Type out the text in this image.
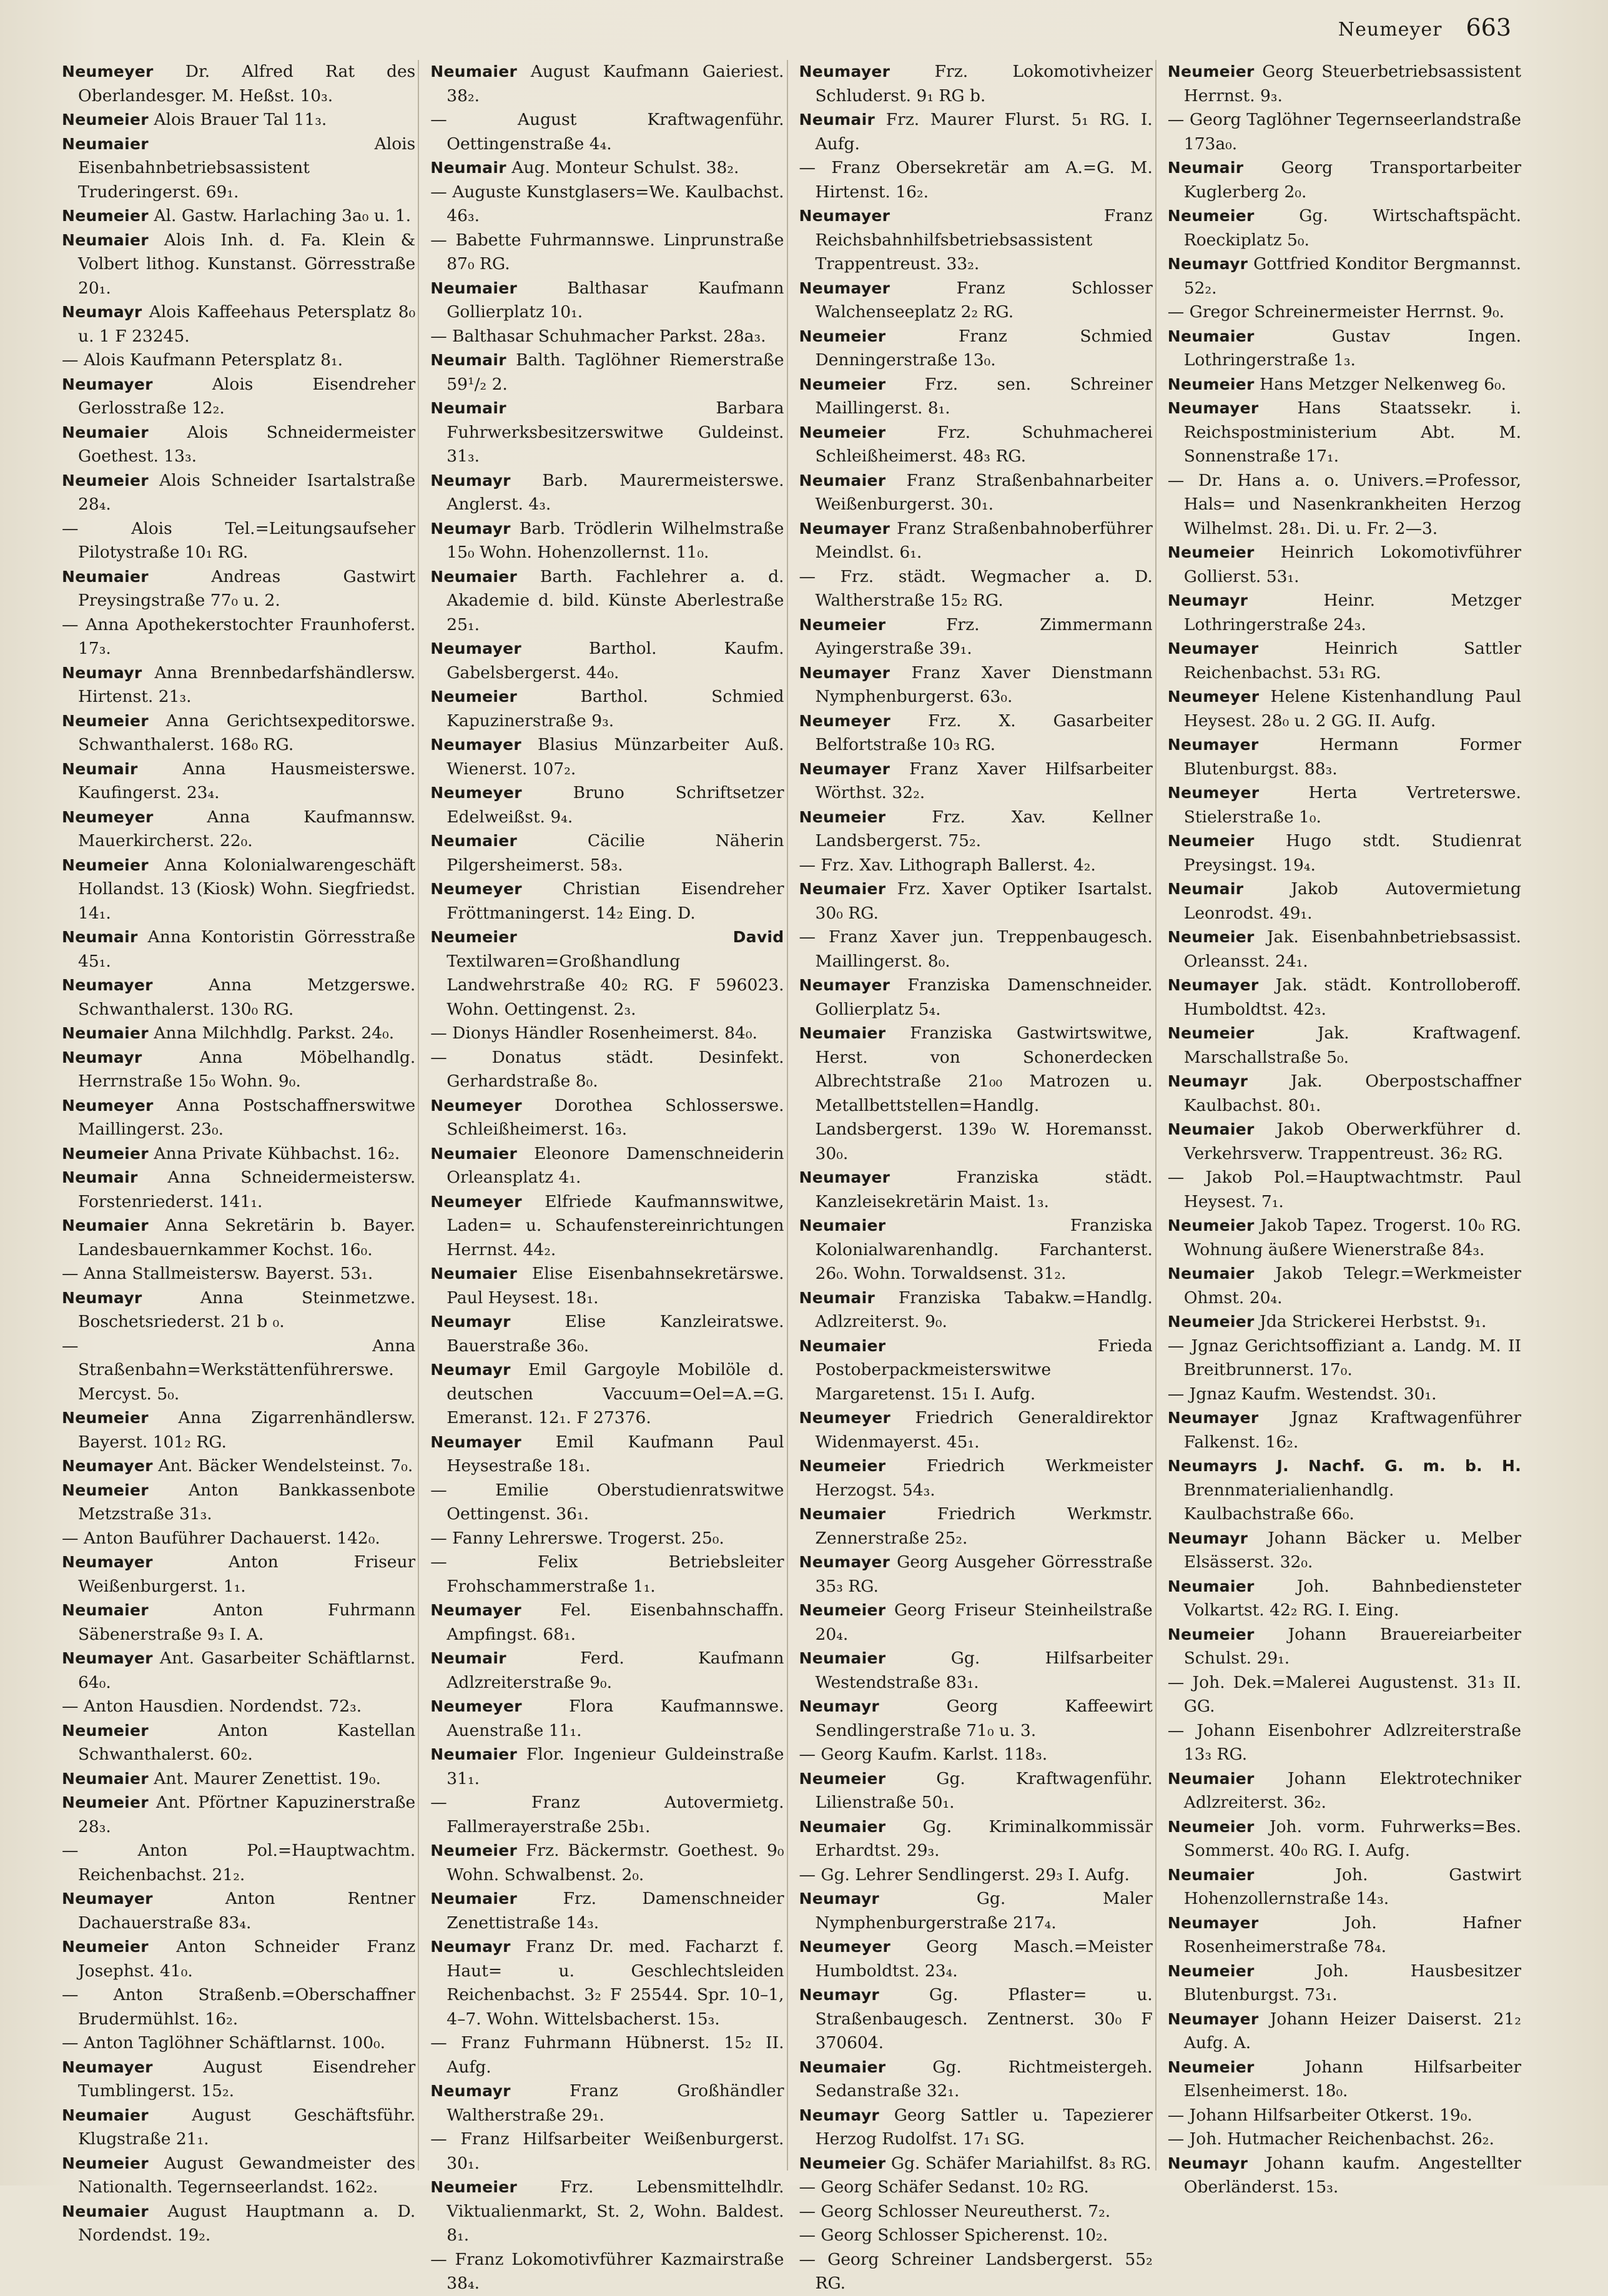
Neumeyer 663

Neumeyer Dr. Alfred Rat des Oberlandesger. M. Heßst. 10₃.

Neumeier Alois Brauer Tal 11₃.

Neumaier	Alois Eisenbahnbetriebsassistent Truderingerst. 69₁.

Neumeier Al. Gastw. Harlaching 3a₀ u. 1.

Neumaier Alois Inh. d. Fa. Klein & Volbert lithog. Kunstanst. Görresstraße 20₁.

Neumayr Alois Kaffeehaus Petersplatz 8₀ u. 1 F 23245.

— Alois Kaufmann Petersplatz 8₁.

Neumayer	Alois Eisendreher Gerlosstraße 12₂.

Neumaier Alois Schneidermeister Goethest. 13₃.

Neumeier Alois Schneider Isartalstraße 28₄.

— Alois Tel.=Leitungsaufseher Pilotystraße 10₁ RG.

Neumaier	Andreas Gastwirt Preysingstraße 77₀ u. 2.

— Anna Apothekerstochter Fraunhoferst. 17₃.

Neumayr Anna Brennbedarfshändlersw. Hirtenst. 21₃.

Neumeier Anna Gerichtsexpeditorswe. Schwanthalerst. 168₀ RG.

Neumair	Anna Hausmeisterswe. Kaufingerst. 23₄.

Neumeyer	Anna Kaufmannsw. Mauerkircherst. 22₀.

Neumeier Anna Kolonialwarengeschäft Hollandst. 13 (Kiosk) Wohn. Siegfriedst. 14₁.

Neumair Anna Kontoristin Görresstraße 45₁.

Neumayer	Anna Metzgerswe. Schwanthalerst. 130₀ RG.

Neumaier Anna Milchhdlg. Parkst. 24₀.

Neumayr	Anna Möbelhandlg. Herrnstraße 15₀ Wohn. 9₀.

Neumeyer Anna Postschaffnerswitwe Maillingerst. 23₀.

Neumeier Anna Private Kühbachst. 16₂.

Neumair Anna Schneidermeistersw. Forstenriederst. 141₁.

Neumaier Anna Sekretärin b. Bayer. Landesbauernkammer Kochst. 16₀.

— Anna Stallmeistersw. Bayerst. 53₁.

Neumayr	Anna Steinmetzwe. Boschetsriederst. 21 b ₀.

— Anna Straßenbahn=Werkstättenführerswe. Mercyst. 5₀.

Neumeier Anna Zigarrenhändlersw. Bayerst. 101₂ RG.

Neumayer Ant. Bäcker Wendelsteinst. 7₀.

Neumeier Anton Bankkassenbote Metzstraße 31₃.

— Anton Bauführer Dachauerst. 142₀.

Neumayer	Anton Friseur Weißenburgerst. 1₁.

Neumaier	Anton Fuhrmann Säbenerstraße 9₃ I. A.

Neumayer Ant. Gasarbeiter Schäftlarnst. 64₀.

— Anton Hausdien. Nordendst. 72₃.

Neumeier	Anton Kastellan Schwanthalerst. 60₂.

Neumaier Ant. Maurer Zenettist. 19₀.

Neumeier Ant. Pförtner Kapuzinerstraße 28₃.

— Anton Pol.=Hauptwachtm. Reichenbachst. 21₂.

Neumayer	Anton Rentner Dachauerstraße 83₄.

Neumeier Anton Schneider Franz Josephst. 41₀.

— Anton Straßenb.=Oberschaffner Brudermühlst. 16₂.

— Anton Taglöhner Schäftlarnst. 100₀.

Neumayer	August Eisendreher Tumblingerst. 15₂.

Neumaier	August Geschäftsführ. Klugstraße 21₁.

Neumeier August Gewandmeister des Nationalth. Tegernseerlandst. 162₂.

Neumaier August Hauptmann a. D. Nordendst. 19₂.

Neumaier August Kaufmann Gaieriest. 38₂.

— August Kraftwagenführ. Oettingenstraße 4₄.

Neumair Aug. Monteur Schulst. 38₂.

— Auguste Kunstglasers=We. Kaulbachst. 46₃.

— Babette Fuhrmannswe. Linprunstraße 87₀ RG.

Neumaier	Balthasar Kaufmann Gollierplatz 10₁.

— Balthasar Schuhmacher Parkst. 28a₃.

Neumair Balth. Taglöhner Riemerstraße 59¹/₂ 2.

Neumair	Barbara Fuhrwerksbesitzerswitwe Guldeinst. 31₃.

Neumayr Barb. Maurermeisterswe. Anglerst. 4₃.

Neumayr Barb. Trödlerin Wilhelmstraße 15₀ Wohn. Hohenzollernst. 11₀.

Neumaier Barth. Fachlehrer a. d. Akademie d. bild. Künste Aberlestraße 25₁.

Neumayer	Barthol. Kaufm. Gabelsbergerst. 44₀.

Neumeier	Barthol. Schmied Kapuzinerstraße 9₃.

Neumayer Blasius Münzarbeiter Auß. Wienerst. 107₂.

Neumeyer	Bruno Schriftsetzer Edelweißst. 9₄.

Neumaier	Cäcilie Näherin Pilgersheimerst. 58₃.

Neumeyer Christian Eisendreher Fröttmaningerst. 14₂ Eing. D.

Neumeier David Textilwaren=Großhandlung Landwehrstraße 40₂ RG. F 596023. Wohn. Oettingenst. 2₃.

— Dionys Händler Rosenheimerst. 84₀.

— Donatus städt. Desinfekt. Gerhardstraße 8₀.

Neumeyer Dorothea Schlosserswe. Schleißheimerst. 16₃.

Neumaier Eleonore Damenschneiderin Orleansplatz 4₁.

Neumeyer Elfriede Kaufmannswitwe, Laden= u. Schaufenstereinrichtungen Herrnst. 44₂.

Neumaier Elise Eisenbahnsekretärswe. Paul Heysest. 18₁.

Neumayr	Elise Kanzleiratswe. Bauerstraße 36₀.

Neumayr Emil Gargoyle Mobilöle d. deutschen Vaccuum=Oel=A.=G. Emeranst. 12₁. F 27376.

Neumayer Emil Kaufmann Paul Heysestraße 18₁.

— Emilie Oberstudienratswitwe Oettingenst. 36₁.

— Fanny Lehrerswe. Trogerst. 25₀.

— Felix Betriebsleiter Frohschammerstraße 1₁.

Neumayer Fel. Eisenbahnschaffn. Ampfingst. 68₁.

Neumair	Ferd. Kaufmann Adlzreiterstraße 9₀.

Neumeyer	Flora Kaufmannswe. Auenstraße 11₁.

Neumaier Flor. Ingenieur Guldeinstraße 31₁.

— Franz Autovermietg. Fallmerayerstraße 25b₁.

Neumeier Frz. Bäckermstr. Goethest. 9₀ Wohn. Schwalbenst. 2₀.

Neumaier	Frz. Damenschneider Zenettistraße 14₃.

Neumayr Franz Dr. med. Facharzt f. Haut= u. Geschlechtsleiden Reichenbachst. 3₂ F 25544. Spr. 10–1, 4–7. Wohn. Wittelsbacherst. 15₃.

— Franz Fuhrmann Hübnerst. 15₂ II. Aufg.

Neumayr	Franz Großhändler Waltherstraße 29₁.

— Franz Hilfsarbeiter Weißenburgerst. 30₁.

Neumeier	Frz. Lebensmittelhdlr. Viktualienmarkt, St. 2, Wohn. Baldest. 8₁.

— Franz Lokomotivführer Kazmairstraße 38₄.

Neumayer	Frz. Lokomotivheizer Schluderst. 9₁ RG b.

Neumair Frz. Maurer Flurst. 5₁ RG. I. Aufg.

— Franz Obersekretär am A.=G. M. Hirtenst. 16₂.

Neumayer	Franz Reichsbahnhilfsbetriebsassistent Trappentreust. 33₂.

Neumayer	Franz Schlosser Walchenseeplatz 2₂ RG.

Neumeier	Franz Schmied Denningerstraße 13₀.

Neumeier Frz. sen. Schreiner Maillingerst. 8₁.

Neumeier	Frz. Schuhmacherei Schleißheimerst. 48₃ RG.

Neumaier Franz Straßenbahnarbeiter Weißenburgerst. 30₁.

Neumayer Franz Straßenbahnoberführer Meindlst. 6₁.

— Frz. städt. Wegmacher a. D. Waltherstraße 15₂ RG.

Neumeier	Frz. Zimmermann Ayingerstraße 39₁.

Neumayer Franz Xaver Dienstmann Nymphenburgerst. 63₀.

Neumeyer Frz. X. Gasarbeiter Belfortstraße 10₃ RG.

Neumayer Franz Xaver Hilfsarbeiter Wörthst. 32₂.

Neumeier	Frz. Xav. Kellner Landsbergerst. 75₂.

— Frz. Xav. Lithograph Ballerst. 4₂.

Neumaier Frz. Xaver Optiker Isartalst. 30₀ RG.

— Franz Xaver jun. Treppenbaugesch. Maillingerst. 8₀.

Neumayer Franziska Damenschneider. Gollierplatz 5₄.

Neumaier Franziska Gastwirtswitwe, Herst. von Schonerdecken Albrechtstraße 21₀₀ Matrozen u. Metallbettstellen=Handlg. Landsbergerst. 139₀ W. Horemansst. 30₀.

Neumayer	Franziska städt. Kanzleisekretärin Maist. 1₃.

Neumaier	Franziska Kolonialwarenhandlg. Farchanterst. 26₀. Wohn. Torwaldsenst. 31₂.

Neumair Franziska Tabakw.=Handlg. Adlzreiterst. 9₀.

Neumaier	Frieda Postoberpackmeisterswitwe Margaretenst. 15₁ I. Aufg.

Neumeyer Friedrich Generaldirektor Widenmayerst. 45₁.

Neumeier Friedrich Werkmeister Herzogst. 54₃.

Neumaier	Friedrich Werkmstr. Zennerstraße 25₂.

Neumayer Georg Ausgeher Görresstraße 35₃ RG.

Neumeier Georg Friseur Steinheilstraße 20₄.

Neumaier	Gg. Hilfsarbeiter Westendstraße 83₁.

Neumayr	Georg Kaffeewirt Sendlingerstraße 71₀ u. 3.

— Georg Kaufm. Karlst. 118₃.

Neumeier	Gg. Kraftwagenführ. Lilienstraße 50₁.

Neumaier Gg. Kriminalkommissär Erhardtst. 29₃.

— Gg. Lehrer Sendlingerst. 29₃ I. Aufg.

Neumayr	Gg. Maler Nymphenburgerstraße 217₄.

Neumeyer Georg Masch.=Meister Humboldtst. 23₄.

Neumayr	Gg. Pflaster= u. Straßenbaugesch. Zentnerst. 30₀ F 370604.

Neumaier	Gg. Richtmeistergeh. Sedanstraße 32₁.

Neumayr Georg Sattler u. Tapezierer Herzog Rudolfst. 17₁ SG.

Neumeier Gg. Schäfer Mariahilfst. 8₃ RG.

— Georg Schäfer Sedanst. 10₂ RG.

— Georg Schlosser Neureutherst. 7₂.

— Georg Schlosser Spicherenst. 10₂.

— Georg Schreiner Landsbergerst. 55₂ RG.

Neumeier Georg Steuerbetriebsassistent Herrnst. 9₃.

— Georg Taglöhner Tegernseerlandstraße 173a₀.

Neumair Georg Transportarbeiter Kuglerberg 2₀.

Neumeier	Gg. Wirtschaftspächt. Roeckiplatz 5₀.

Neumayr Gottfried Konditor Bergmannst. 52₂.

— Gregor Schreinermeister Herrnst. 9₀.

Neumaier	Gustav Ingen. Lothringerstraße 1₃.

Neumeier Hans Metzger Nelkenweg 6₀.

Neumayer Hans Staatssekr. i. Reichspostministerium Abt. M. Sonnenstraße 17₁.

— Dr. Hans a. o. Univers.=Professor, Hals= und Nasenkrankheiten Herzog Wilhelmst. 28₁. Di. u. Fr. 2—3.

Neumeier Heinrich Lokomotivführer Gollierst. 53₁.

Neumayr	Heinr. Metzger Lothringerstraße 24₃.

Neumayer	Heinrich Sattler Reichenbachst. 53₁ RG.

Neumeyer Helene Kistenhandlung Paul Heysest. 28₀ u. 2 GG. II. Aufg.

Neumayer	Hermann Former Blutenburgst. 88₃.

Neumeyer	Herta Vertreterswe. Stielerstraße 1₀.

Neumeier Hugo stdt. Studienrat Preysingst. 19₄.

Neumair	Jakob Autovermietung Leonrodst. 49₁.

Neumeier Jak. Eisenbahnbetriebsassist. Orleansst. 24₁.

Neumayer Jak. städt. Kontrolloberoff. Humboldtst. 42₃.

Neumeier	Jak. Kraftwagenf. Marschallstraße 5₀.

Neumayr	Jak. Oberpostschaffner Kaulbachst. 80₁.

Neumaier Jakob Oberwerkführer d. Verkehrsverw. Trappentreust. 36₂ RG.

— Jakob Pol.=Hauptwachtmstr. Paul Heysest. 7₁.

Neumeier Jakob Tapez. Trogerst. 10₀ RG. Wohnung äußere Wienerstraße 84₃.

Neumaier Jakob Telegr.=Werkmeister Ohmst. 20₄.

Neumeier Jda Strickerei Herbstst. 9₁.

— Jgnaz Gerichtsoffiziant a. Landg. M. II Breitbrunnerst. 17₀.

— Jgnaz Kaufm. Westendst. 30₁.

Neumayer Jgnaz Kraftwagenführer Falkenst. 16₂.

Neumayrs J. Nachf. G. m. b. H. Brennmaterialienhandlg. Kaulbachstraße 66₀.

Neumayr Johann Bäcker u. Melber Elsässerst. 32₀.

Neumaier	Joh. Bahnbediensteter Volkartst. 42₂ RG. I. Eing.

Neumeier Johann Brauereiarbeiter Schulst. 29₁.

— Joh. Dek.=Malerei Augustenst. 31₃ II. GG.

— Johann Eisenbohrer Adlzreiterstraße 13₃ RG.

Neumaier Johann Elektrotechniker Adlzreiterst. 36₂.

Neumeier Joh. vorm. Fuhrwerks=Bes. Sommerst. 40₀ RG. I. Aufg.

Neumaier	Joh. Gastwirt Hohenzollernstraße 14₃.

Neumayer	Joh. Hafner Rosenheimerstraße 78₄.

Neumeier	Joh. Hausbesitzer Blutenburgst. 73₁.

Neumayer Johann Heizer Daiserst. 21₂ Aufg. A.

Neumeier	Johann Hilfsarbeiter Elsenheimerst. 18₀.

— Johann Hilfsarbeiter Otkerst. 19₀.

— Joh. Hutmacher Reichenbachst. 26₂.

Neumayr Johann kaufm. Angestellter Oberländerst. 15₃.
